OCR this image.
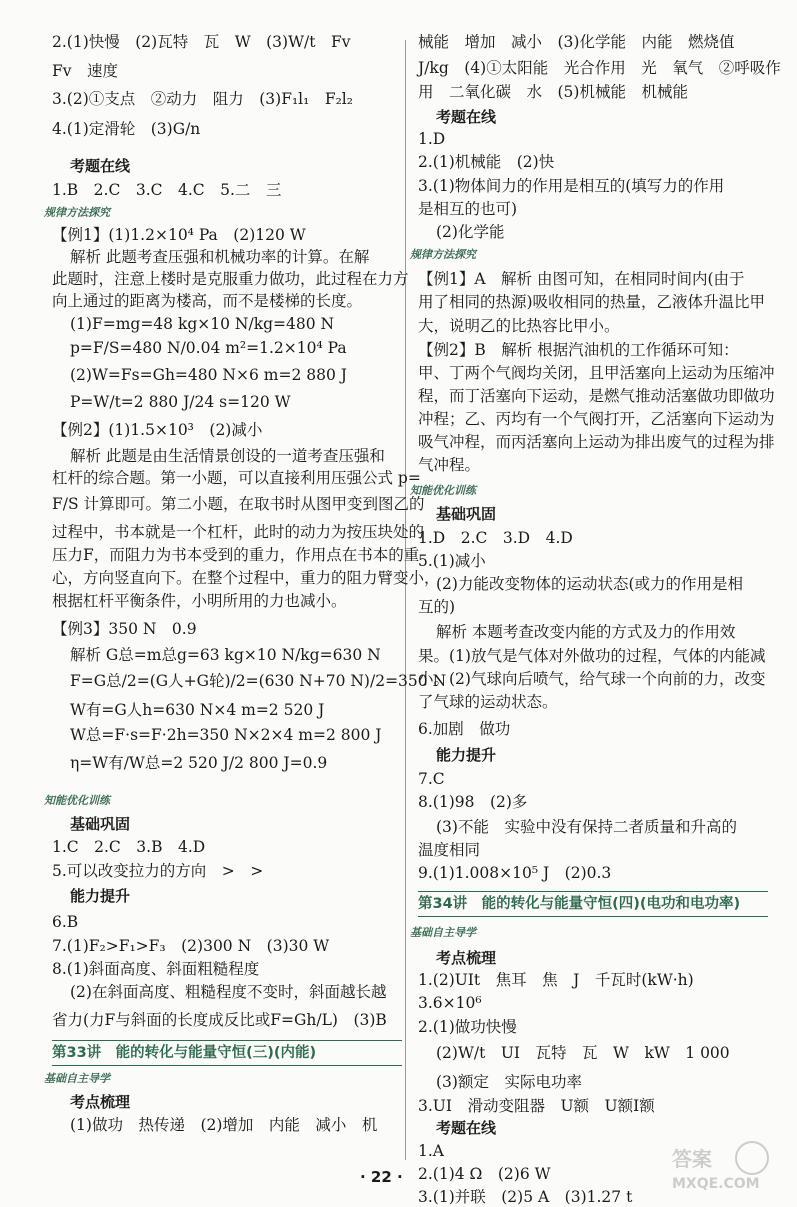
2.(1)快慢　(2)瓦特　瓦　W　(3)W/t　Fv
Fv　速度
3.(2)①支点　②动力　阻力　(3)F₁l₁　F₂l₂
4.(1)定滑轮　(3)G/n
考题在线
1.B　2.C　3.C　4.C　5.二　三
规律方法探究
【例1】(1)1.2×10⁴ Pa　(2)120 W
解析 此题考查压强和机械功率的计算。在解
此题时，注意上楼时是克服重力做功，此过程在力方
向上通过的距离为楼高，而不是楼梯的长度。
(1)F=mg=48 kg×10 N/kg=480 N
p=F/S=480 N/0.04 m²=1.2×10⁴ Pa
(2)W=Fs=Gh=480 N×6 m=2 880 J
P=W/t=2 880 J/24 s=120 W
【例2】(1)1.5×10³　(2)减小
解析 此题是由生活情景创设的一道考查压强和
杠杆的综合题。第一小题，可以直接利用压强公式 p=
F/S 计算即可。第二小题，在取书时从图甲变到图乙的
过程中，书本就是一个杠杆，此时的动力为按压块处的
压力F，而阻力为书本受到的重力，作用点在书本的重
心，方向竖直向下。在整个过程中，重力的阻力臂变小，
根据杠杆平衡条件，小明所用的力也减小。
【例3】350 N　0.9
解析 G总=m总g=63 kg×10 N/kg=630 N
F=G总/2=(G人+G轮)/2=(630 N+70 N)/2=350 N
W有=G人h=630 N×4 m=2 520 J
W总=F·s=F·2h=350 N×2×4 m=2 800 J
η=W有/W总=2 520 J/2 800 J=0.9
知能优化训练
基础巩固
1.C　2.C　3.B　4.D
5.可以改变拉力的方向　>　>
能力提升
6.B
7.(1)F₂>F₁>F₃　(2)300 N　(3)30 W
8.(1)斜面高度、斜面粗糙程度
(2)在斜面高度、粗糙程度不变时，斜面越长越
省力(力F与斜面的长度成反比或F=Gh/L)　(3)B
第33讲　能的转化与能量守恒(三)(内能)
基础自主导学
考点梳理
(1)做功　热传递　(2)增加　内能　减小　机
械能　增加　减小　(3)化学能　内能　燃烧值
J/kg　(4)①太阳能　光合作用　光　氧气　②呼吸作
用　二氧化碳　水　(5)机械能　机械能
考题在线
1.D
2.(1)机械能　(2)快
3.(1)物体间力的作用是相互的(填写力的作用
是相互的也可)
(2)化学能
规律方法探究
【例1】A　解析 由图可知，在相同时间内(由于
用了相同的热源)吸收相同的热量，乙液体升温比甲
大，说明乙的比热容比甲小。
【例2】B　解析 根据汽油机的工作循环可知：
甲、丁两个气阀均关闭，且甲活塞向上运动为压缩冲
程，而丁活塞向下运动，是燃气推动活塞做功即做功
冲程；乙、丙均有一个气阀打开，乙活塞向下运动为
吸气冲程，而丙活塞向上运动为排出废气的过程为排
气冲程。
知能优化训练
基础巩固
1.D　2.C　3.D　4.D
5.(1)减小
(2)力能改变物体的运动状态(或力的作用是相
互的)
解析 本题考查改变内能的方式及力的作用效
果。(1)放气是气体对外做功的过程，气体的内能减
小。(2)气球向后喷气，给气球一个向前的力，改变
了气球的运动状态。
6.加剧　做功
能力提升
7.C
8.(1)98　(2)多
(3)不能　实验中没有保持二者质量和升高的
温度相同
9.(1)1.008×10⁵ J　(2)0.3
第34讲　能的转化与能量守恒(四)(电功和电功率)
基础自主导学
考点梳理
1.(2)UIt　焦耳　焦　J　千瓦时(kW·h)
3.6×10⁶
2.(1)做功快慢
(2)W/t　UI　瓦特　瓦　W　kW　1 000
(3)额定　实际电功率
3.UI　滑动变阻器　U额　U额I额
考题在线
1.A
2.(1)4 Ω　(2)6 W
3.(1)并联　(2)5 A　(3)1.27 t
· 22 ·
答案
MXQE.COM
